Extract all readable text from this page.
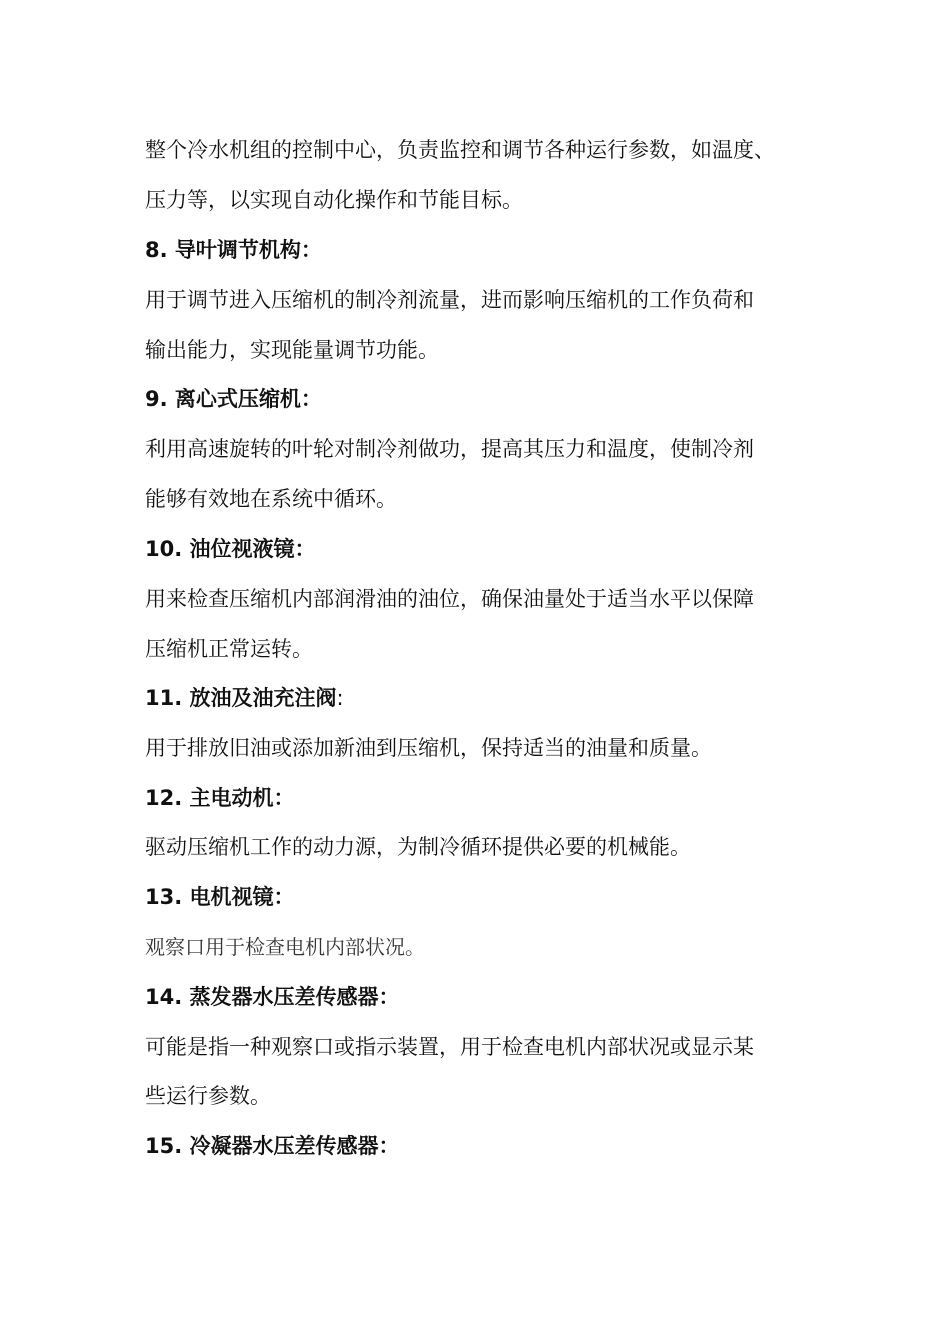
整个冷水机组的控制中心，负责监控和调节各种运行参数，如温度、
压力等，以实现自动化操作和节能目标。
8. 导叶调节机构：
用于调节进入压缩机的制冷剂流量，进而影响压缩机的工作负荷和
输出能力，实现能量调节功能。
9. 离心式压缩机：
利用高速旋转的叶轮对制冷剂做功，提高其压力和温度，使制冷剂
能够有效地在系统中循环。
10. 油位视液镜：
用来检查压缩机内部润滑油的油位，确保油量处于适当水平以保障
压缩机正常运转。
11. 放油及油充注阀:
用于排放旧油或添加新油到压缩机，保持适当的油量和质量。
12. 主电动机：
驱动压缩机工作的动力源，为制冷循环提供必要的机械能。
13. 电机视镜：
观察口用于检查电机内部状况。
14. 蒸发器水压差传感器：
可能是指一种观察口或指示装置，用于检查电机内部状况或显示某
些运行参数。
15. 冷凝器水压差传感器：
